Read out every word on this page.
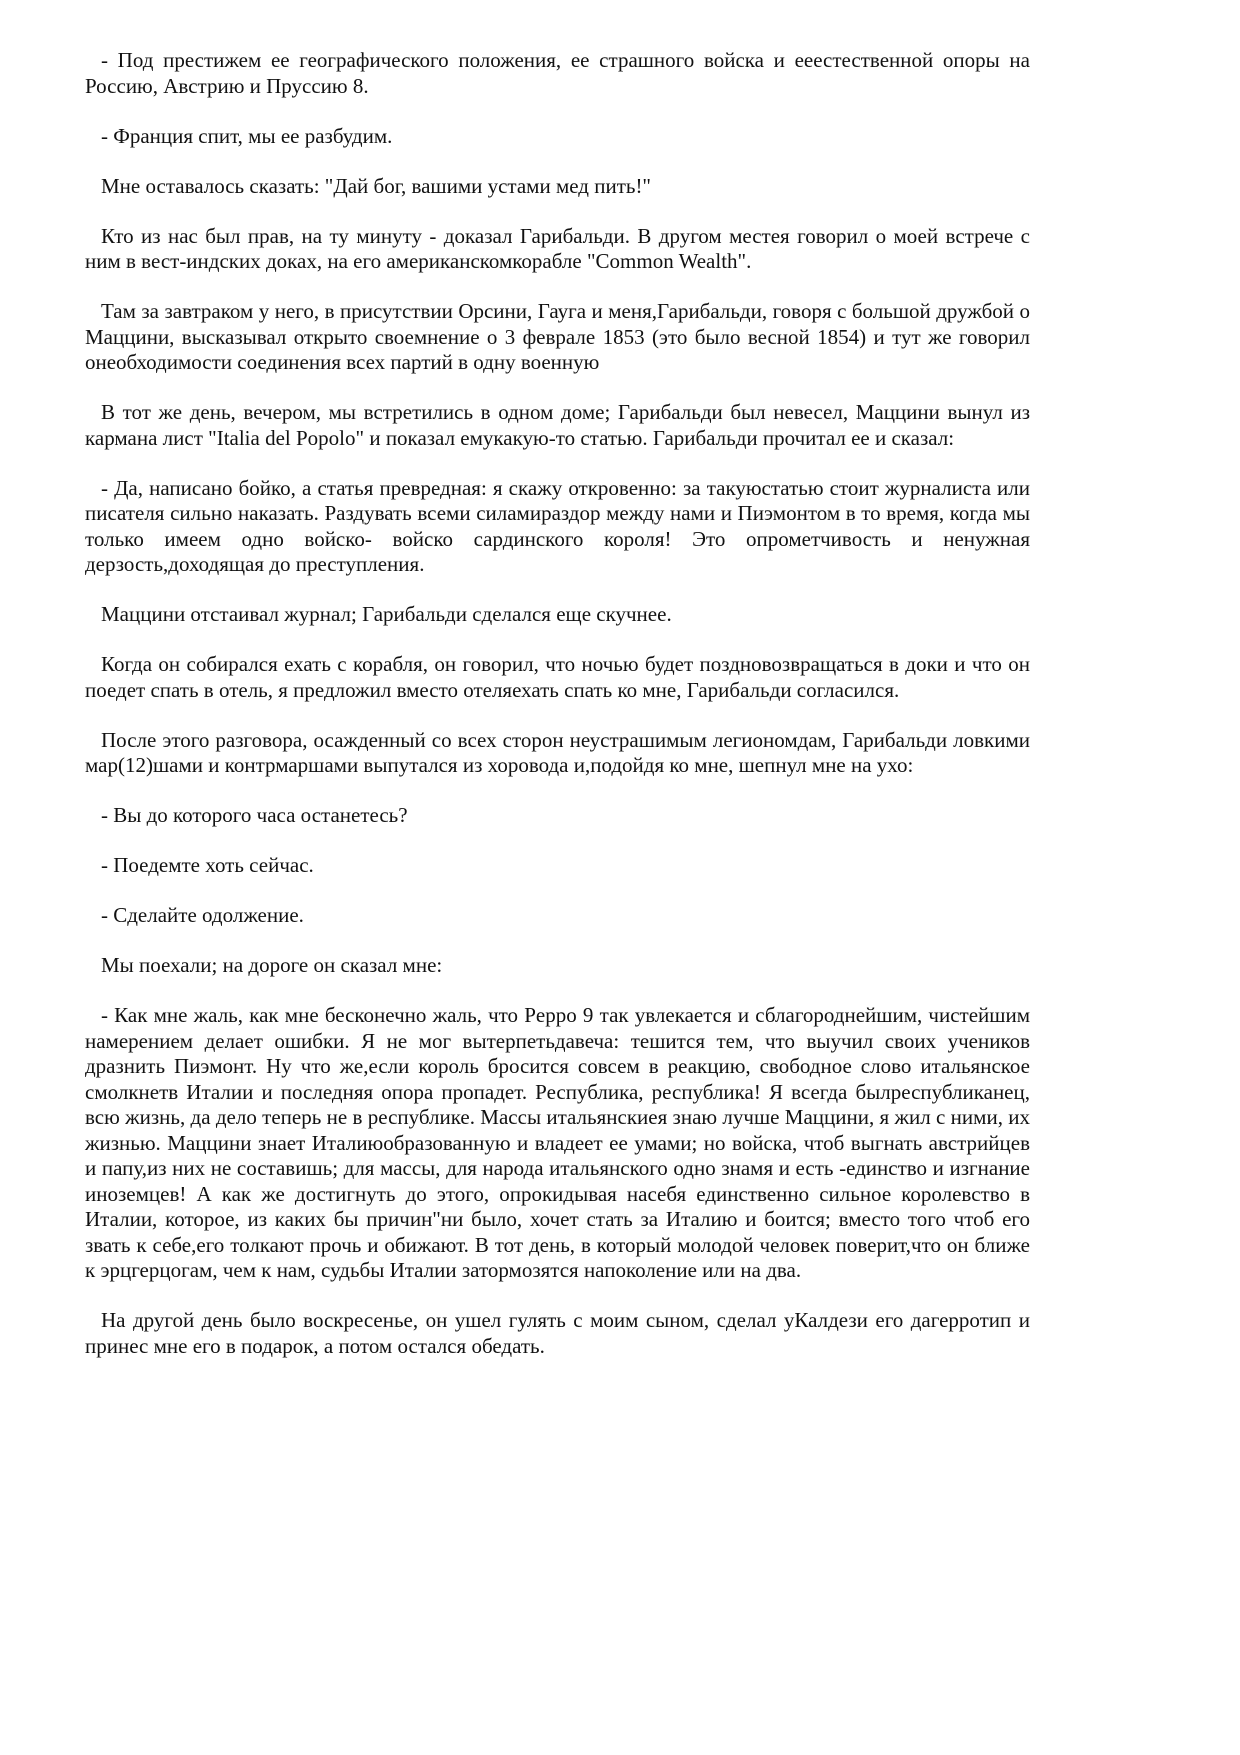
- Под престижем ее географического положения, ее страшного войска и ееестественной опоры на Россию, Австрию и Пруссию 8.

- Франция спит, мы ее разбудим.

Мне оставалось сказать: "Дай бог, вашими устами мед пить!"

Кто из нас был прав, на ту минуту - доказал Гарибальди. В другом местея говорил о моей встрече с ним в вест-индских доках, на его американскомкорабле "Common Wealth".

Там за завтраком у него, в присутствии Орсини, Гауга и меня,Гарибальди, говоря с большой дружбой о Маццини, высказывал открыто своемнение о 3 феврале 1853 (это было весной 1854) и тут же говорил онеобходимости соединения всех партий в одну военную

В тот же день, вечером, мы встретились в одном доме; Гарибальди был невесел, Маццини вынул из кармана лист "Italia del Popolo" и показал емукакую-то статью. Гарибальди прочитал ее и сказал:

- Да, написано бойко, а статья превредная: я скажу откровенно: за такуюстатью стоит журналиста или писателя сильно наказать. Раздувать всеми силамираздор между нами и Пиэмонтом в то время, когда мы только имеем одно войско- войско сардинского короля! Это опрометчивость и ненужная дерзость,доходящая до преступления.

Маццини отстаивал журнал; Гарибальди сделался еще скучнее.

Когда он собирался ехать с корабля, он говорил, что ночью будет поздновозвращаться в доки и что он поедет спать в отель, я предложил вместо отеляехать спать ко мне, Гарибальди согласился.

После этого разговора, осажденный со всех сторон неустрашимым легиономдам, Гарибальди ловкими мар(12)шами и контрмаршами выпутался из хоровода и,подойдя ко мне, шепнул мне на ухо:

- Вы до которого часа останетесь?

- Поедемте хоть сейчас.

- Сделайте одолжение.

Мы поехали; на дороге он сказал мне:

- Как мне жаль, как мне бесконечно жаль, что Peppo 9 так увлекается и сблагороднейшим, чистейшим намерением делает ошибки. Я не мог вытерпетьдавеча: тешится тем, что выучил своих учеников дразнить Пиэмонт. Ну что же,если король бросится совсем в реакцию, свободное слово итальянское смолкнетв Италии и последняя опора пропадет. Республика, республика! Я всегда былреспубликанец, всю жизнь, да дело теперь не в республике. Массы итальянскиея знаю лучше Маццини, я жил с ними, их жизнью. Маццини знает Италиюобразованную и владеет ее умами; но войска, чтоб выгнать австрийцев и папу,из них не составишь; для массы, для народа итальянского одно знамя и есть -единство и изгнание иноземцев! А как же достигнуть до этого, опрокидывая насебя единственно сильное королевство в Италии, которое, из каких бы причин"ни было, хочет стать за Италию и боится; вместо того чтоб его звать к себе,его толкают прочь и обижают. В тот день, в который молодой человек поверит,что он ближе к эрцгерцогам, чем к нам, судьбы Италии затормозятся напоколение или на два.

На другой день было воскресенье, он ушел гулять с моим сыном, сделал уКалдези его дагерротип и принес мне его в подарок, а потом остался обедать.
